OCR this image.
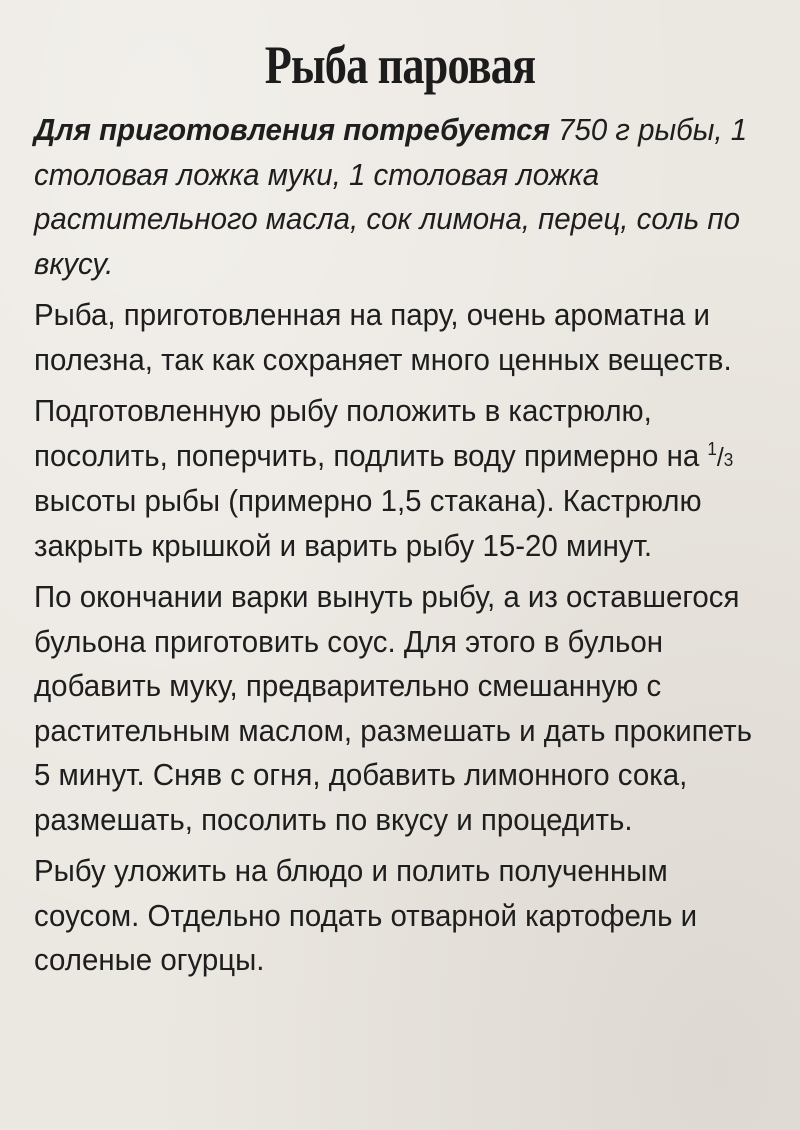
Рыба паровая

Для приготовления потребуется 750 г рыбы, 1 столовая ложка муки, 1 столовая ложка растительного масла, сок лимона, перец, соль по вкусу.

Рыба, приготовленная на пару, очень ароматна и полезна, так как сохраняет много ценных веществ.

Подготовленную рыбу положить в кастрюлю, посолить, поперчить, подлить воду примерно на $^1$/3 высоты рыбы (примерно 1,5 стакана). Кастрюлю закрыть крышкой и варить рыбу 15-20 минут.

По окончании варки вынуть рыбу, а из оставшегося бульона приготовить соус. Для этого в бульон добавить муку, предварительно смешанную с растительным маслом, размешать и дать прокипеть 5 минут. Сняв с огня, добавить лимонного сока, размешать, посолить по вкусу и процедить.

Рыбу уложить на блюдо и полить полученным соусом. Отдельно подать отварной картофель и соленые огурцы.
